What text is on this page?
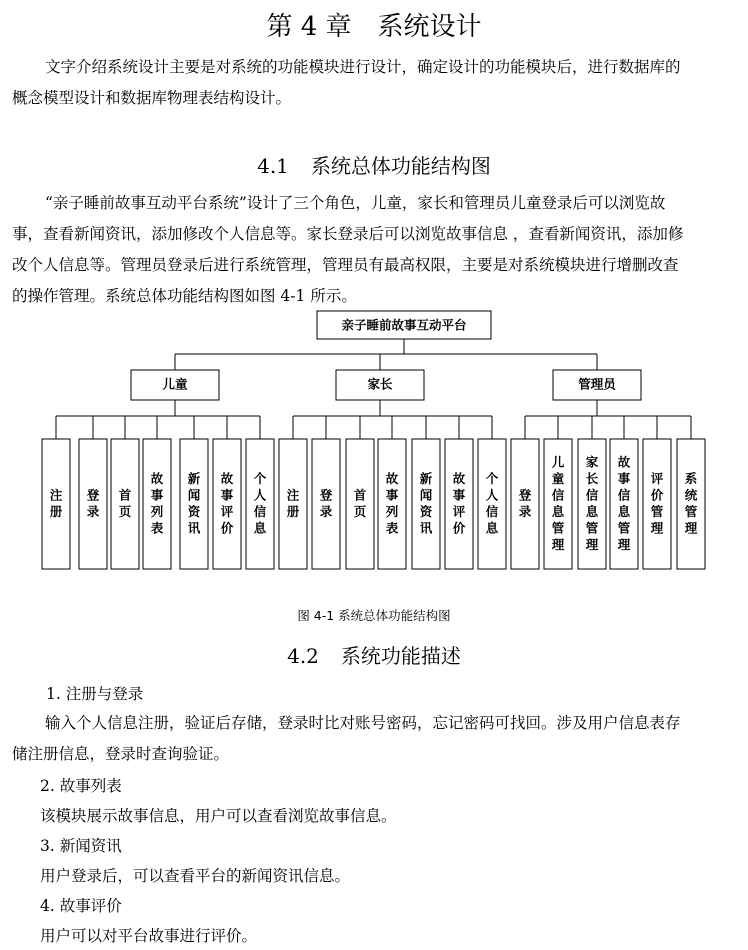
第 4 章 系统设计
文字介绍系统设计主要是对系统的功能模块进行设计，确定设计的功能模块后，进行数据库的概念模型设计和数据库物理表结构设计。
4.1 系统总体功能结构图
“亲子睡前故事互动平台系统”设计了三个角色，儿童，家长和管理员儿童登录后可以浏览故事，查看新闻资讯，添加修改个人信息等。家长登录后可以浏览故事信息 ，查看新闻资讯，添加修改个人信息等。管理员登录后进行系统管理，管理员有最高权限，主要是对系统模块进行增删改查的操作管理。系统总体功能结构图如图 4-1 所示。
亲子睡前故事互动平台
儿童
注
册
登
录
首
页
故
事
列
表
新
闻
资
讯
故
事
评
价
个
人
信
息
家长
注
册
登
录
首
页
故
事
列
表
新
闻
资
讯
故
事
评
价
个
人
信
息
管理员
登
录
儿
童
信
息
管
理
家
长
信
息
管
理
故
事
信
息
管
理
评
价
管
理
系
统
管
理
图 4-1 系统总体功能结构图
4.2 系统功能描述
1. 注册与登录
输入个人信息注册，验证后存储，登录时比对账号密码，忘记密码可找回。涉及用户信息表存储注册信息，登录时查询验证。
2. 故事列表
该模块展示故事信息，用户可以查看浏览故事信息。
3. 新闻资讯
用户登录后，可以查看平台的新闻资讯信息。
4. 故事评价
用户可以对平台故事进行评价。
